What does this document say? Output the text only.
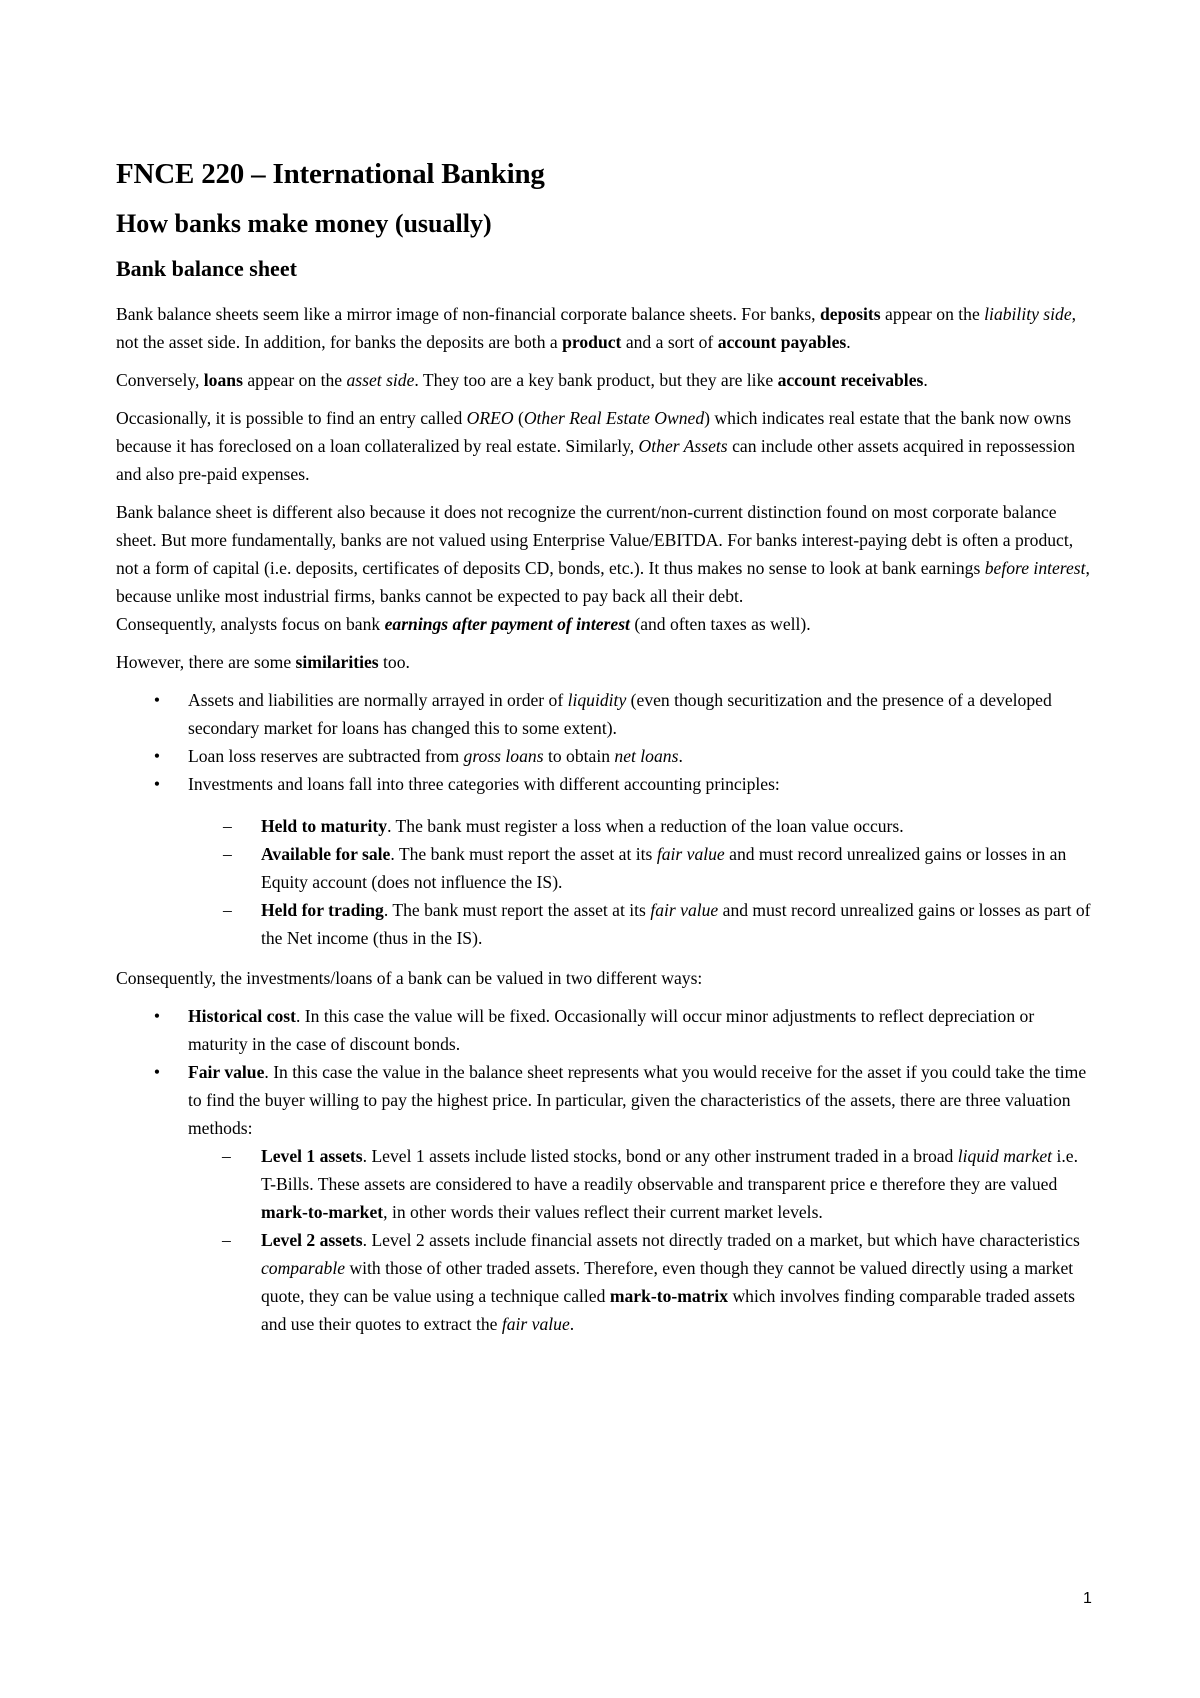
FNCE 220 – International Banking
How banks make money (usually)
Bank balance sheet

Bank balance sheets seem like a mirror image of non-financial corporate balance sheets. For banks, deposits appear on the liability side, not the asset side. In addition, for banks the deposits are both a product and a sort of account payables.

Conversely, loans appear on the asset side. They too are a key bank product, but they are like account receivables.

Occasionally, it is possible to find an entry called OREO (Other Real Estate Owned) which indicates real estate that the bank now owns because it has foreclosed on a loan collateralized by real estate. Similarly, Other Assets can include other assets acquired in repossession and also pre-paid expenses.

Bank balance sheet is different also because it does not recognize the current/non-current distinction found on most corporate balance sheet. But more fundamentally, banks are not valued using Enterprise Value/EBITDA. For banks interest-paying debt is often a product, not a form of capital (i.e. deposits, certificates of deposits CD, bonds, etc.). It thus makes no sense to look at bank earnings before interest, because unlike most industrial firms, banks cannot be expected to pay back all their debt.
Consequently, analysts focus on bank earnings after payment of interest (and often taxes as well).

However, there are some similarities too.

• Assets and liabilities are normally arrayed in order of liquidity (even though securitization and the presence of a developed secondary market for loans has changed this to some extent).
• Loan loss reserves are subtracted from gross loans to obtain net loans.
• Investments and loans fall into three categories with different accounting principles:
– Held to maturity. The bank must register a loss when a reduction of the loan value occurs.
– Available for sale. The bank must report the asset at its fair value and must record unrealized gains or losses in an Equity account (does not influence the IS).
– Held for trading. The bank must report the asset at its fair value and must record unrealized gains or losses as part of the Net income (thus in the IS).

Consequently, the investments/loans of a bank can be valued in two different ways:

• Historical cost. In this case the value will be fixed. Occasionally will occur minor adjustments to reflect depreciation or maturity in the case of discount bonds.
• Fair value. In this case the value in the balance sheet represents what you would receive for the asset if you could take the time to find the buyer willing to pay the highest price. In particular, given the characteristics of the assets, there are three valuation methods:
– Level 1 assets. Level 1 assets include listed stocks, bond or any other instrument traded in a broad liquid market i.e. T-Bills. These assets are considered to have a readily observable and transparent price e therefore they are valued mark-to-market, in other words their values reflect their current market levels.
– Level 2 assets. Level 2 assets include financial assets not directly traded on a market, but which have characteristics comparable with those of other traded assets. Therefore, even though they cannot be valued directly using a market quote, they can be value using a technique called mark-to-matrix which involves finding comparable traded assets and use their quotes to extract the fair value.
1
